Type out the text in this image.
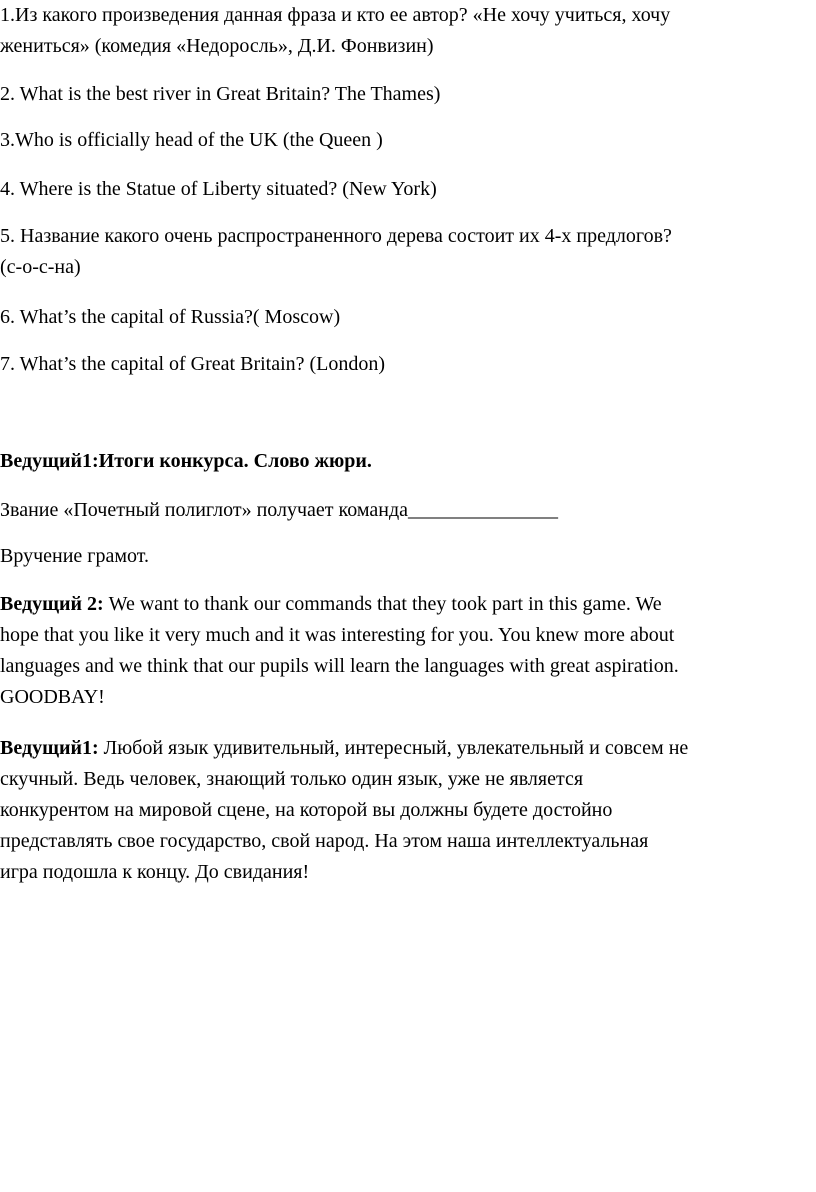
1.Из какого произведения данная фраза и кто ее автор? «Не хочу учиться, хочу
жениться» (комедия «Недоросль», Д.И. Фонвизин)

2. What is the best river in Great Britain? The Thames)

3.Who is officially head of the UK (the Queen )

4. Where is the Statue of Liberty situated? (New York)

5. Название какого очень распространенного дерева состоит их 4-х предлогов?
(с-о-с-на)

6. What’s the capital of Russia?( Moscow)

7. What’s the capital of Great Britain? (London)

Ведущий1:Итоги конкурса. Слово жюри.

Звание «Почетный полиглот» получает команда_______________

Вручение грамот.

Ведущий 2: We want to thank our commands that they took part in this game. We
hope that you like it very much and it was interesting for you. You knew more about
languages and we think that our pupils will learn the languages with great aspiration.
GOODBAY!

Ведущий1: Любой язык удивительный, интересный, увлекательный и совсем не
скучный. Ведь человек, знающий только один язык, уже не является
конкурентом на мировой сцене, на которой вы должны будете достойно
представлять свое государство, свой народ. На этом наша интеллектуальная
игра подошла к концу. До свидания!
